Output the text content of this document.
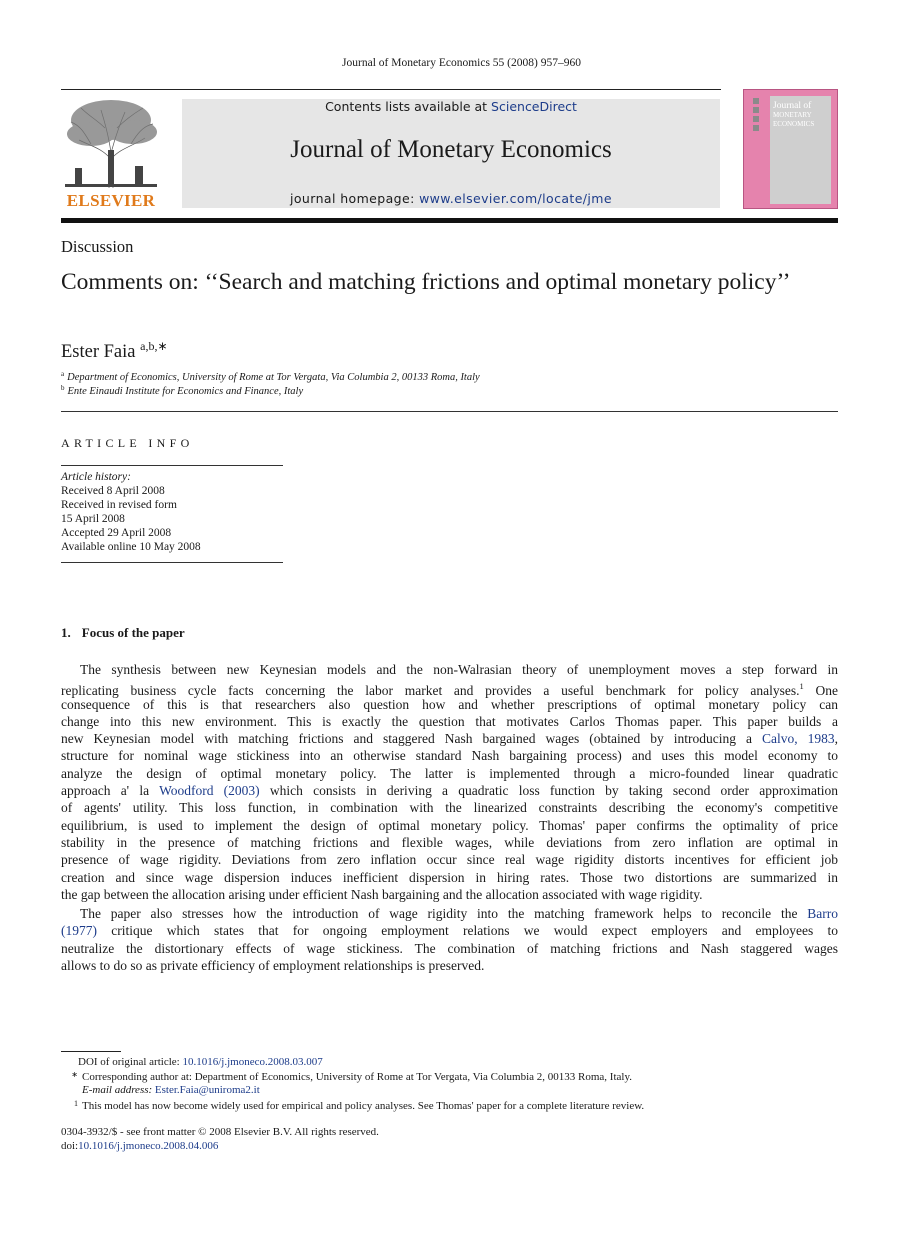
Journal of Monetary Economics 55 (2008) 957–960
ELSEVIER
Contents lists available at ScienceDirect
Journal of Monetary Economics
journal homepage: www.elsevier.com/locate/jme
Journal of
MONETARY
ECONOMICS
Discussion
Comments on: ‘‘Search and matching frictions and optimal monetary policy’’
Ester Faia $^{a,b,∗}$
$^a$ Department of Economics, University of Rome at Tor Vergata, Via Columbia 2, 00133 Roma, Italy
$^b$ Ente Einaudi Institute for Economics and Finance, Italy
ARTICLE INFO
Article history:
Received 8 April 2008
Received in revised form
15 April 2008
Accepted 29 April 2008
Available online 10 May 2008
1. Focus of the paper
The synthesis between new Keynesian models and the non-Walrasian theory of unemployment moves a step forward in
replicating business cycle facts concerning the labor market and provides a useful benchmark for policy analyses.$^1$ One
consequence of this is that researchers also question how and whether prescriptions of optimal monetary policy can
change into this new environment. This is exactly the question that motivates Carlos Thomas paper. This paper builds a
new Keynesian model with matching frictions and staggered Nash bargained wages (obtained by introducing a Calvo, 1983,
structure for nominal wage stickiness into an otherwise standard Nash bargaining process) and uses this model economy to
analyze the design of optimal monetary policy. The latter is implemented through a micro-founded linear quadratic
approach a' la Woodford (2003) which consists in deriving a quadratic loss function by taking second order approximation
of agents' utility. This loss function, in combination with the linearized constraints describing the economy's competitive
equilibrium, is used to implement the design of optimal monetary policy. Thomas' paper confirms the optimality of price
stability in the presence of matching frictions and flexible wages, while deviations from zero inflation are optimal in
presence of wage rigidity. Deviations from zero inflation occur since real wage rigidity distorts incentives for efficient job
creation and since wage dispersion induces inefficient dispersion in hiring rates. Those two distortions are summarized in
the gap between the allocation arising under efficient Nash bargaining and the allocation associated with wage rigidity.
The paper also stresses how the introduction of wage rigidity into the matching framework helps to reconcile the Barro
(1977) critique which states that for ongoing employment relations we would expect employers and employees to
neutralize the distortionary effects of wage stickiness. The combination of matching frictions and Nash staggered wages
allows to do so as private efficiency of employment relationships is preserved.
DOI of original article: 10.1016/j.jmoneco.2008.03.007
∗ Corresponding author at: Department of Economics, University of Rome at Tor Vergata, Via Columbia 2, 00133 Roma, Italy.
E-mail address: Ester.Faia@uniroma2.it
1 This model has now become widely used for empirical and policy analyses. See Thomas' paper for a complete literature review.
0304-3932/$ - see front matter © 2008 Elsevier B.V. All rights reserved.
doi:10.1016/j.jmoneco.2008.04.006
